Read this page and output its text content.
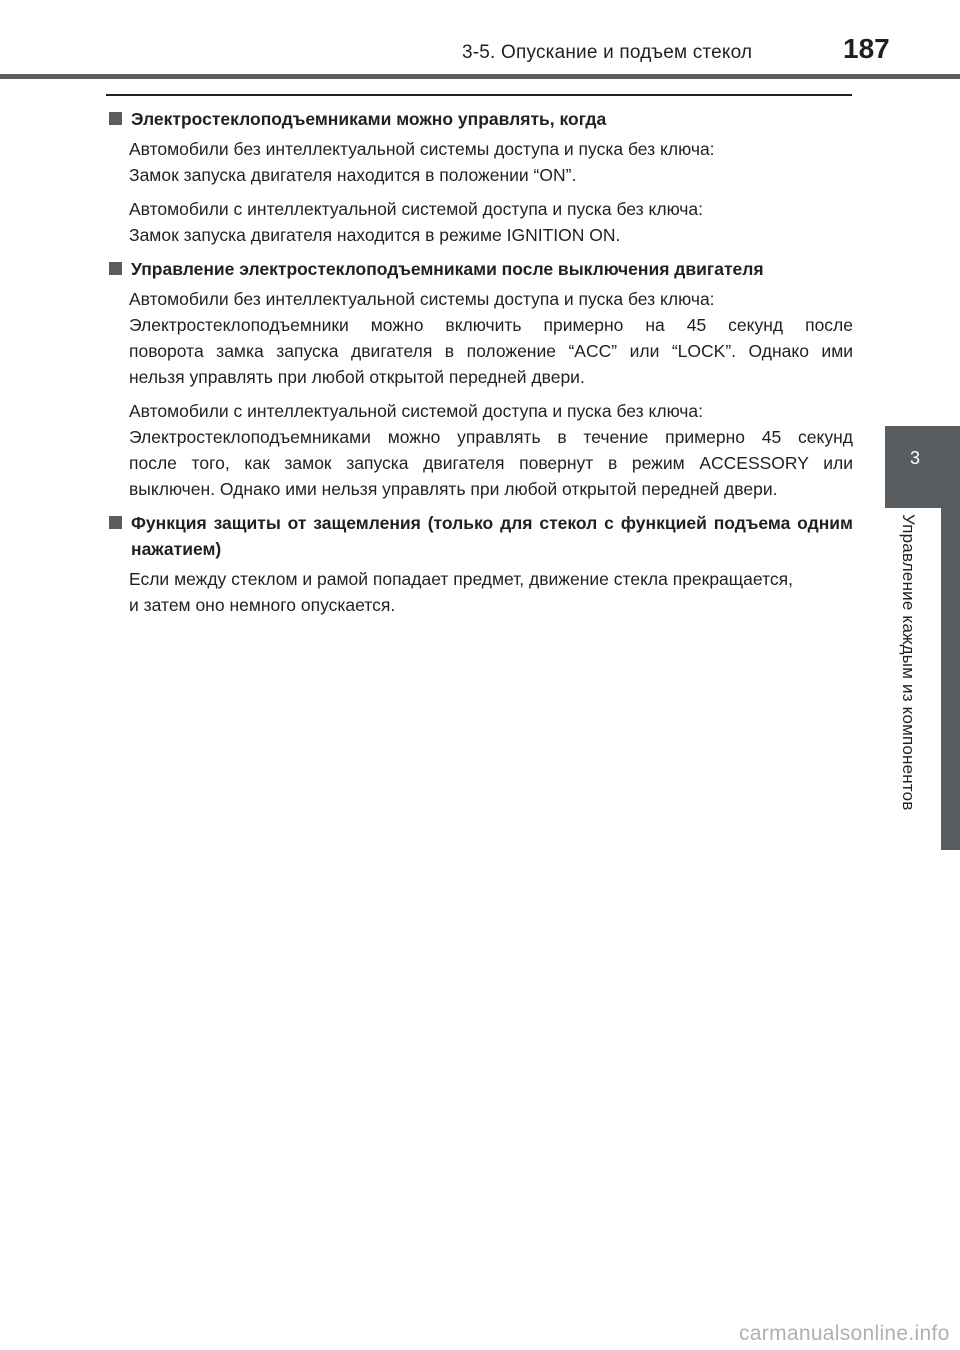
3-5. Опускание и подъем стекол	187
3
Управление каждым из компонентов
Электростеклоподъемниками можно управлять, когда

Автомобили без интеллектуальной системы доступа и пуска без ключа:
Замок запуска двигателя находится в положении “ON”.

Автомобили с интеллектуальной системой доступа и пуска без ключа:
Замок запуска двигателя находится в режиме IGNITION ON.

Управление электростеклоподъемниками после выключения двигателя

Автомобили без интеллектуальной системы доступа и пуска без ключа:
Электростеклоподъемники можно включить примерно на 45 секунд после
поворота замка запуска двигателя в положение “ACC” или “LOCK”. Однако ими
нельзя управлять при любой открытой передней двери.

Автомобили с интеллектуальной системой доступа и пуска без ключа:
Электростеклоподъемниками можно управлять в течение примерно 45 секунд
после того, как замок запуска двигателя повернут в режим ACCESSORY или
выключен. Однако ими нельзя управлять при любой открытой передней двери.

Функция защиты от защемления (только для стекол с функцией подъема одним нажатием)

Если между стеклом и рамой попадает предмет, движение стекла прекращается,
и затем оно немного опускается.

carmanualsonline.info
